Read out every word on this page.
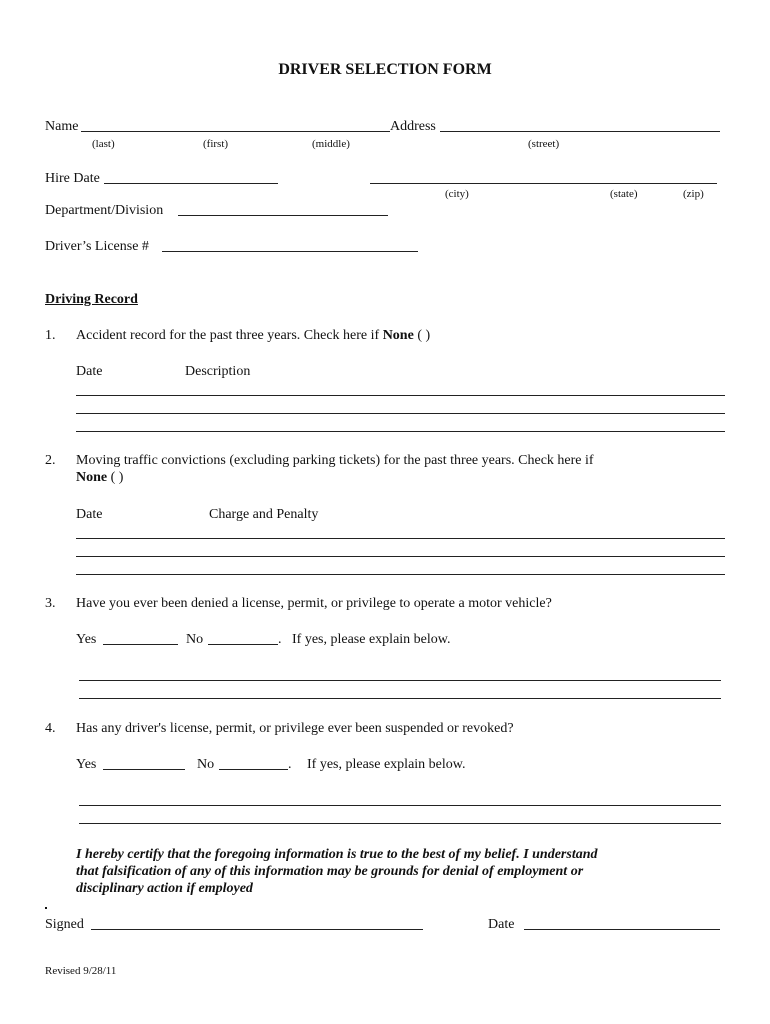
DRIVER SELECTION FORM
Name	Address
(last)	(first)	(middle)	(street)
Hire Date
(city)	(state)	(zip)
Department/Division
Driver’s License #
Driving Record
1. Accident record for the past three years. Check here if None ( )
Date	Description
2. Moving traffic convictions (excluding parking tickets) for the past three years. Check here if
None ( )
Date	Charge and Penalty
3. Have you ever been denied a license, permit, or privilege to operate a motor vehicle?
Yes	No	. If yes, please explain below.
4. Has any driver's license, permit, or privilege ever been suspended or revoked?
Yes	No	. If yes, please explain below.
I hereby certify that the foregoing information is true to the best of my belief. I understand
that falsification of any of this information may be grounds for denial of employment or
disciplinary action if employed
Signed	Date
Revised 9/28/11
